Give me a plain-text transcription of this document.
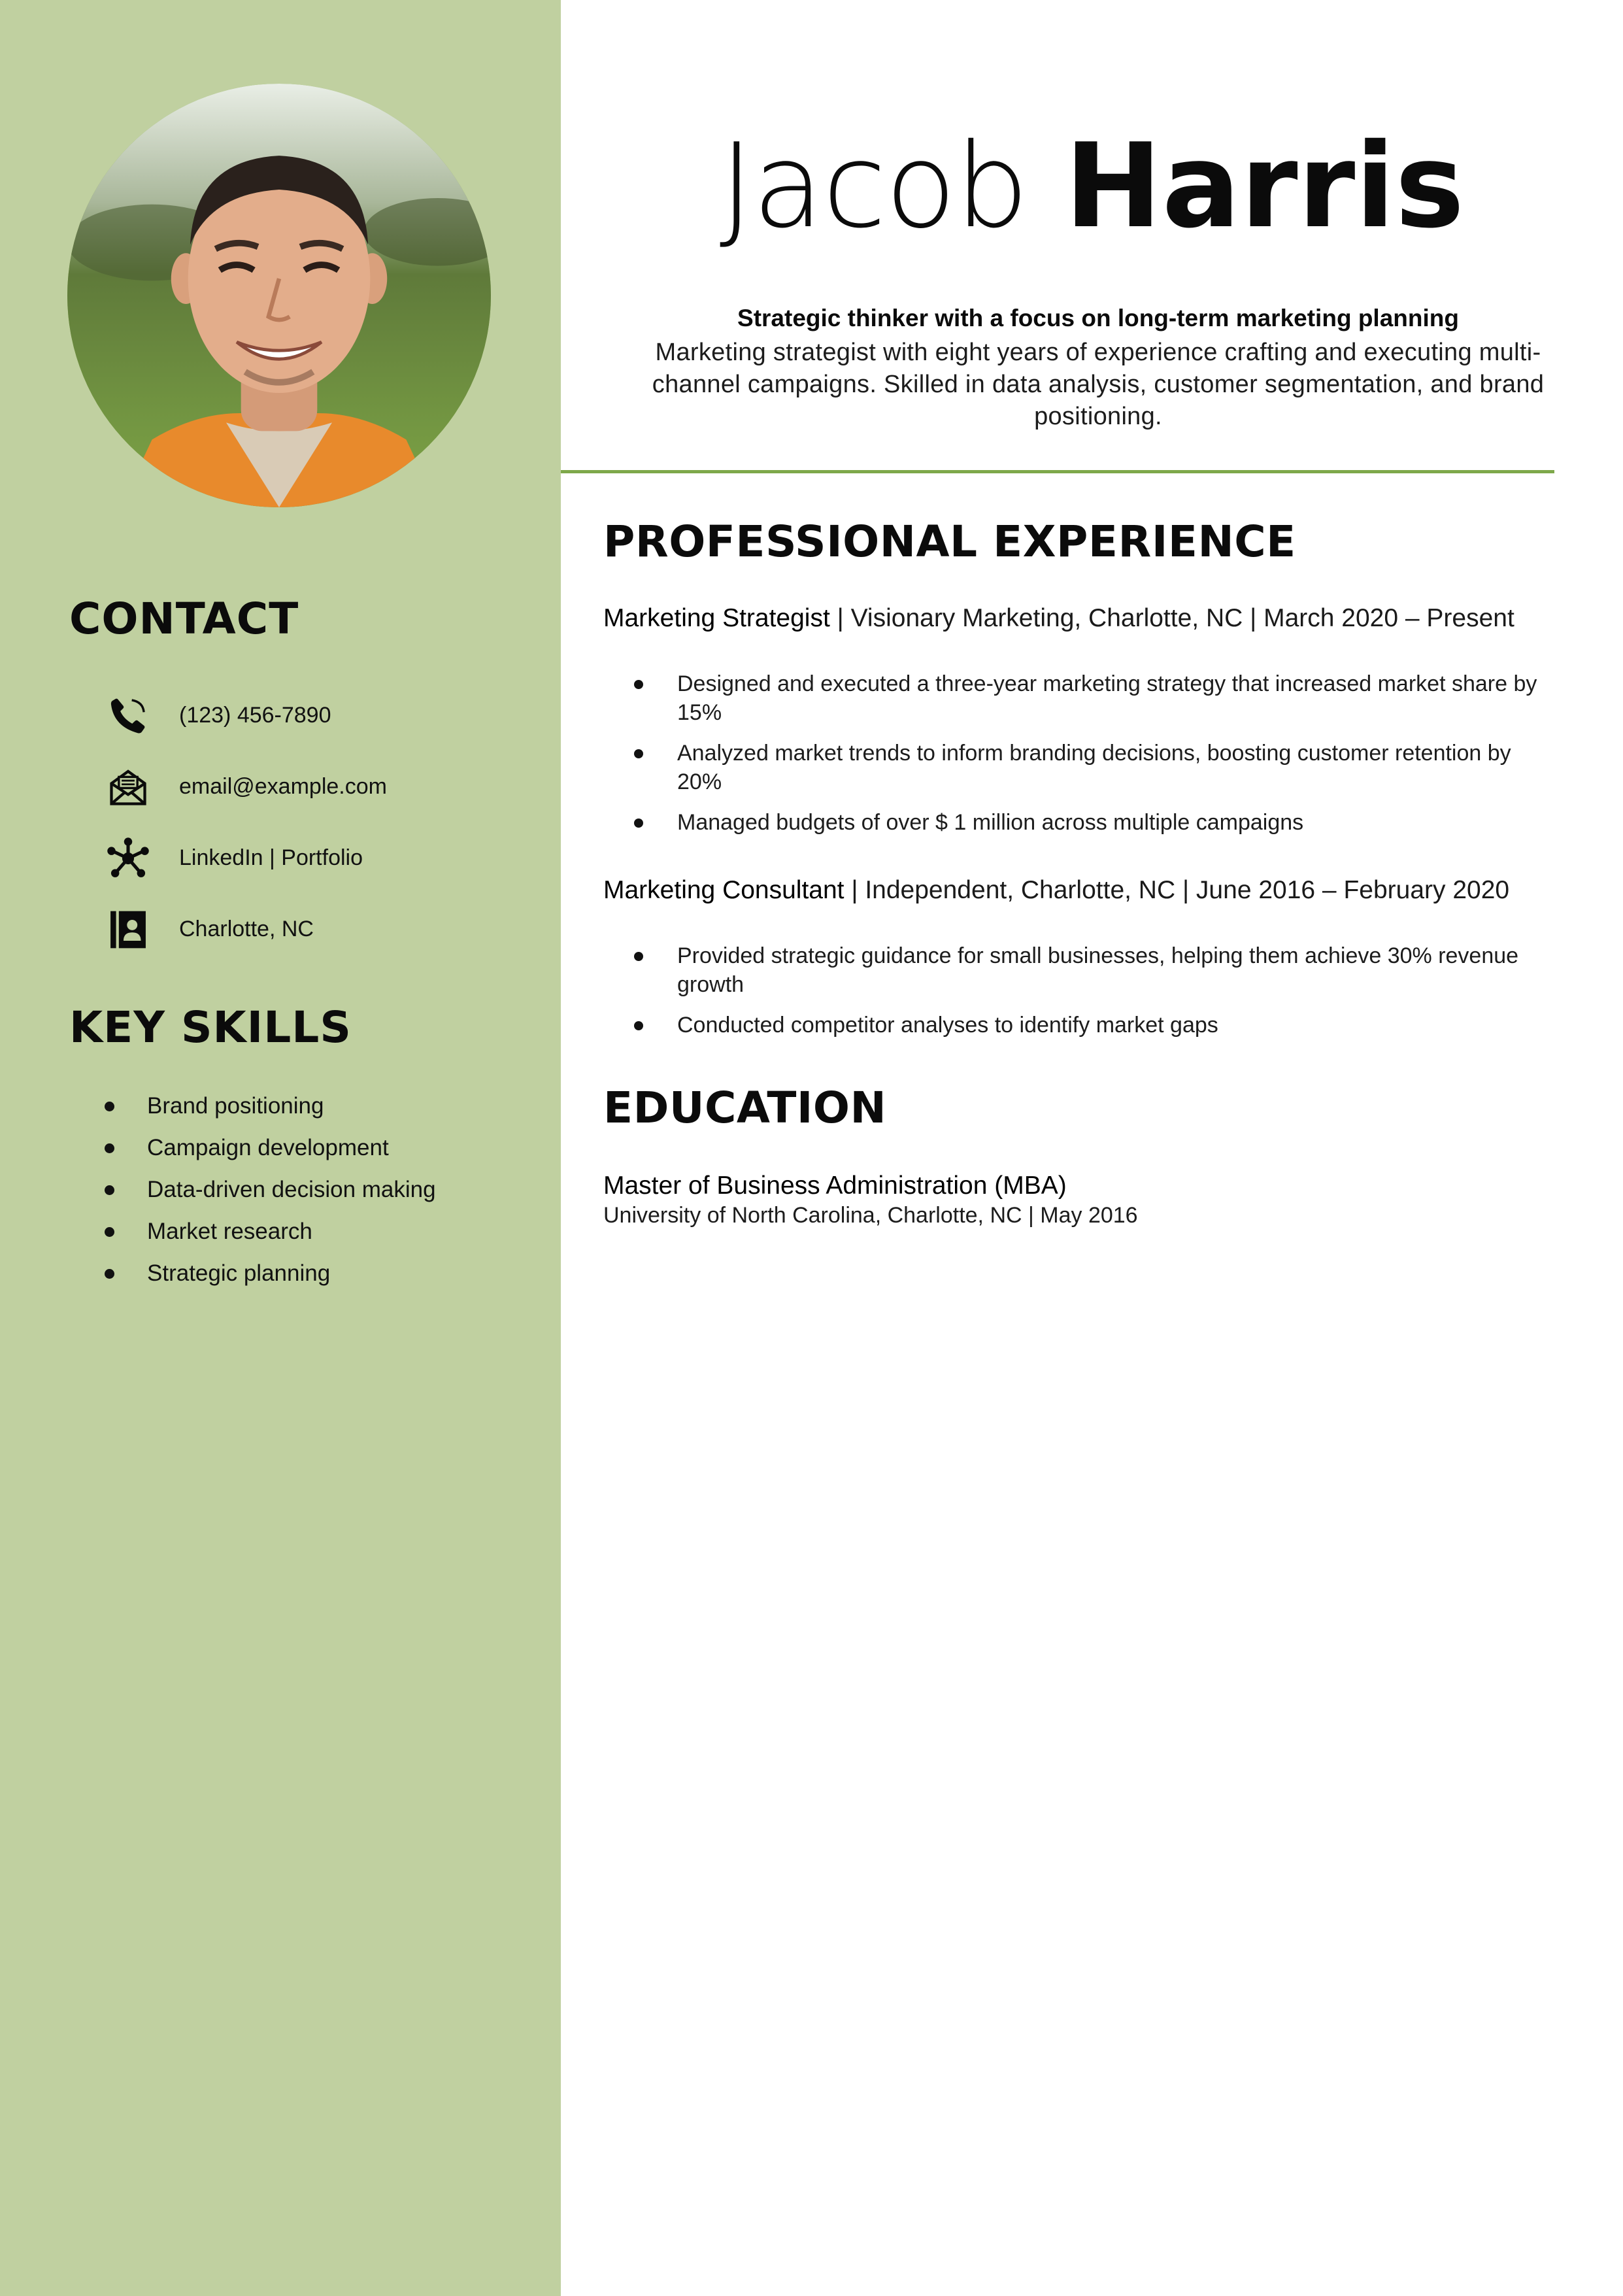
CONTACT
(123) 456-7890
email@example.com
LinkedIn | Portfolio
Charlotte, NC
KEY SKILLS
Brand positioning
Campaign development
Data-driven decision making
Market research
Strategic planning
Jacob Harris
Strategic thinker with a focus on long-term marketing planning
Marketing strategist with eight years of experience crafting and executing multi-channel campaigns. Skilled in data analysis, customer segmentation, and brand positioning.
PROFESSIONAL EXPERIENCE
Marketing Strategist | Visionary Marketing, Charlotte, NC | March 2020 – Present
Designed and executed a three-year marketing strategy that increased market share by 15%
Analyzed market trends to inform branding decisions, boosting customer retention by 20%
Managed budgets of over $ 1 million across multiple campaigns
Marketing Consultant | Independent, Charlotte, NC | June 2016 – February 2020
Provided strategic guidance for small businesses, helping them achieve 30% revenue growth
Conducted competitor analyses to identify market gaps
EDUCATION
Master of Business Administration (MBA)
University of North Carolina, Charlotte, NC | May 2016
